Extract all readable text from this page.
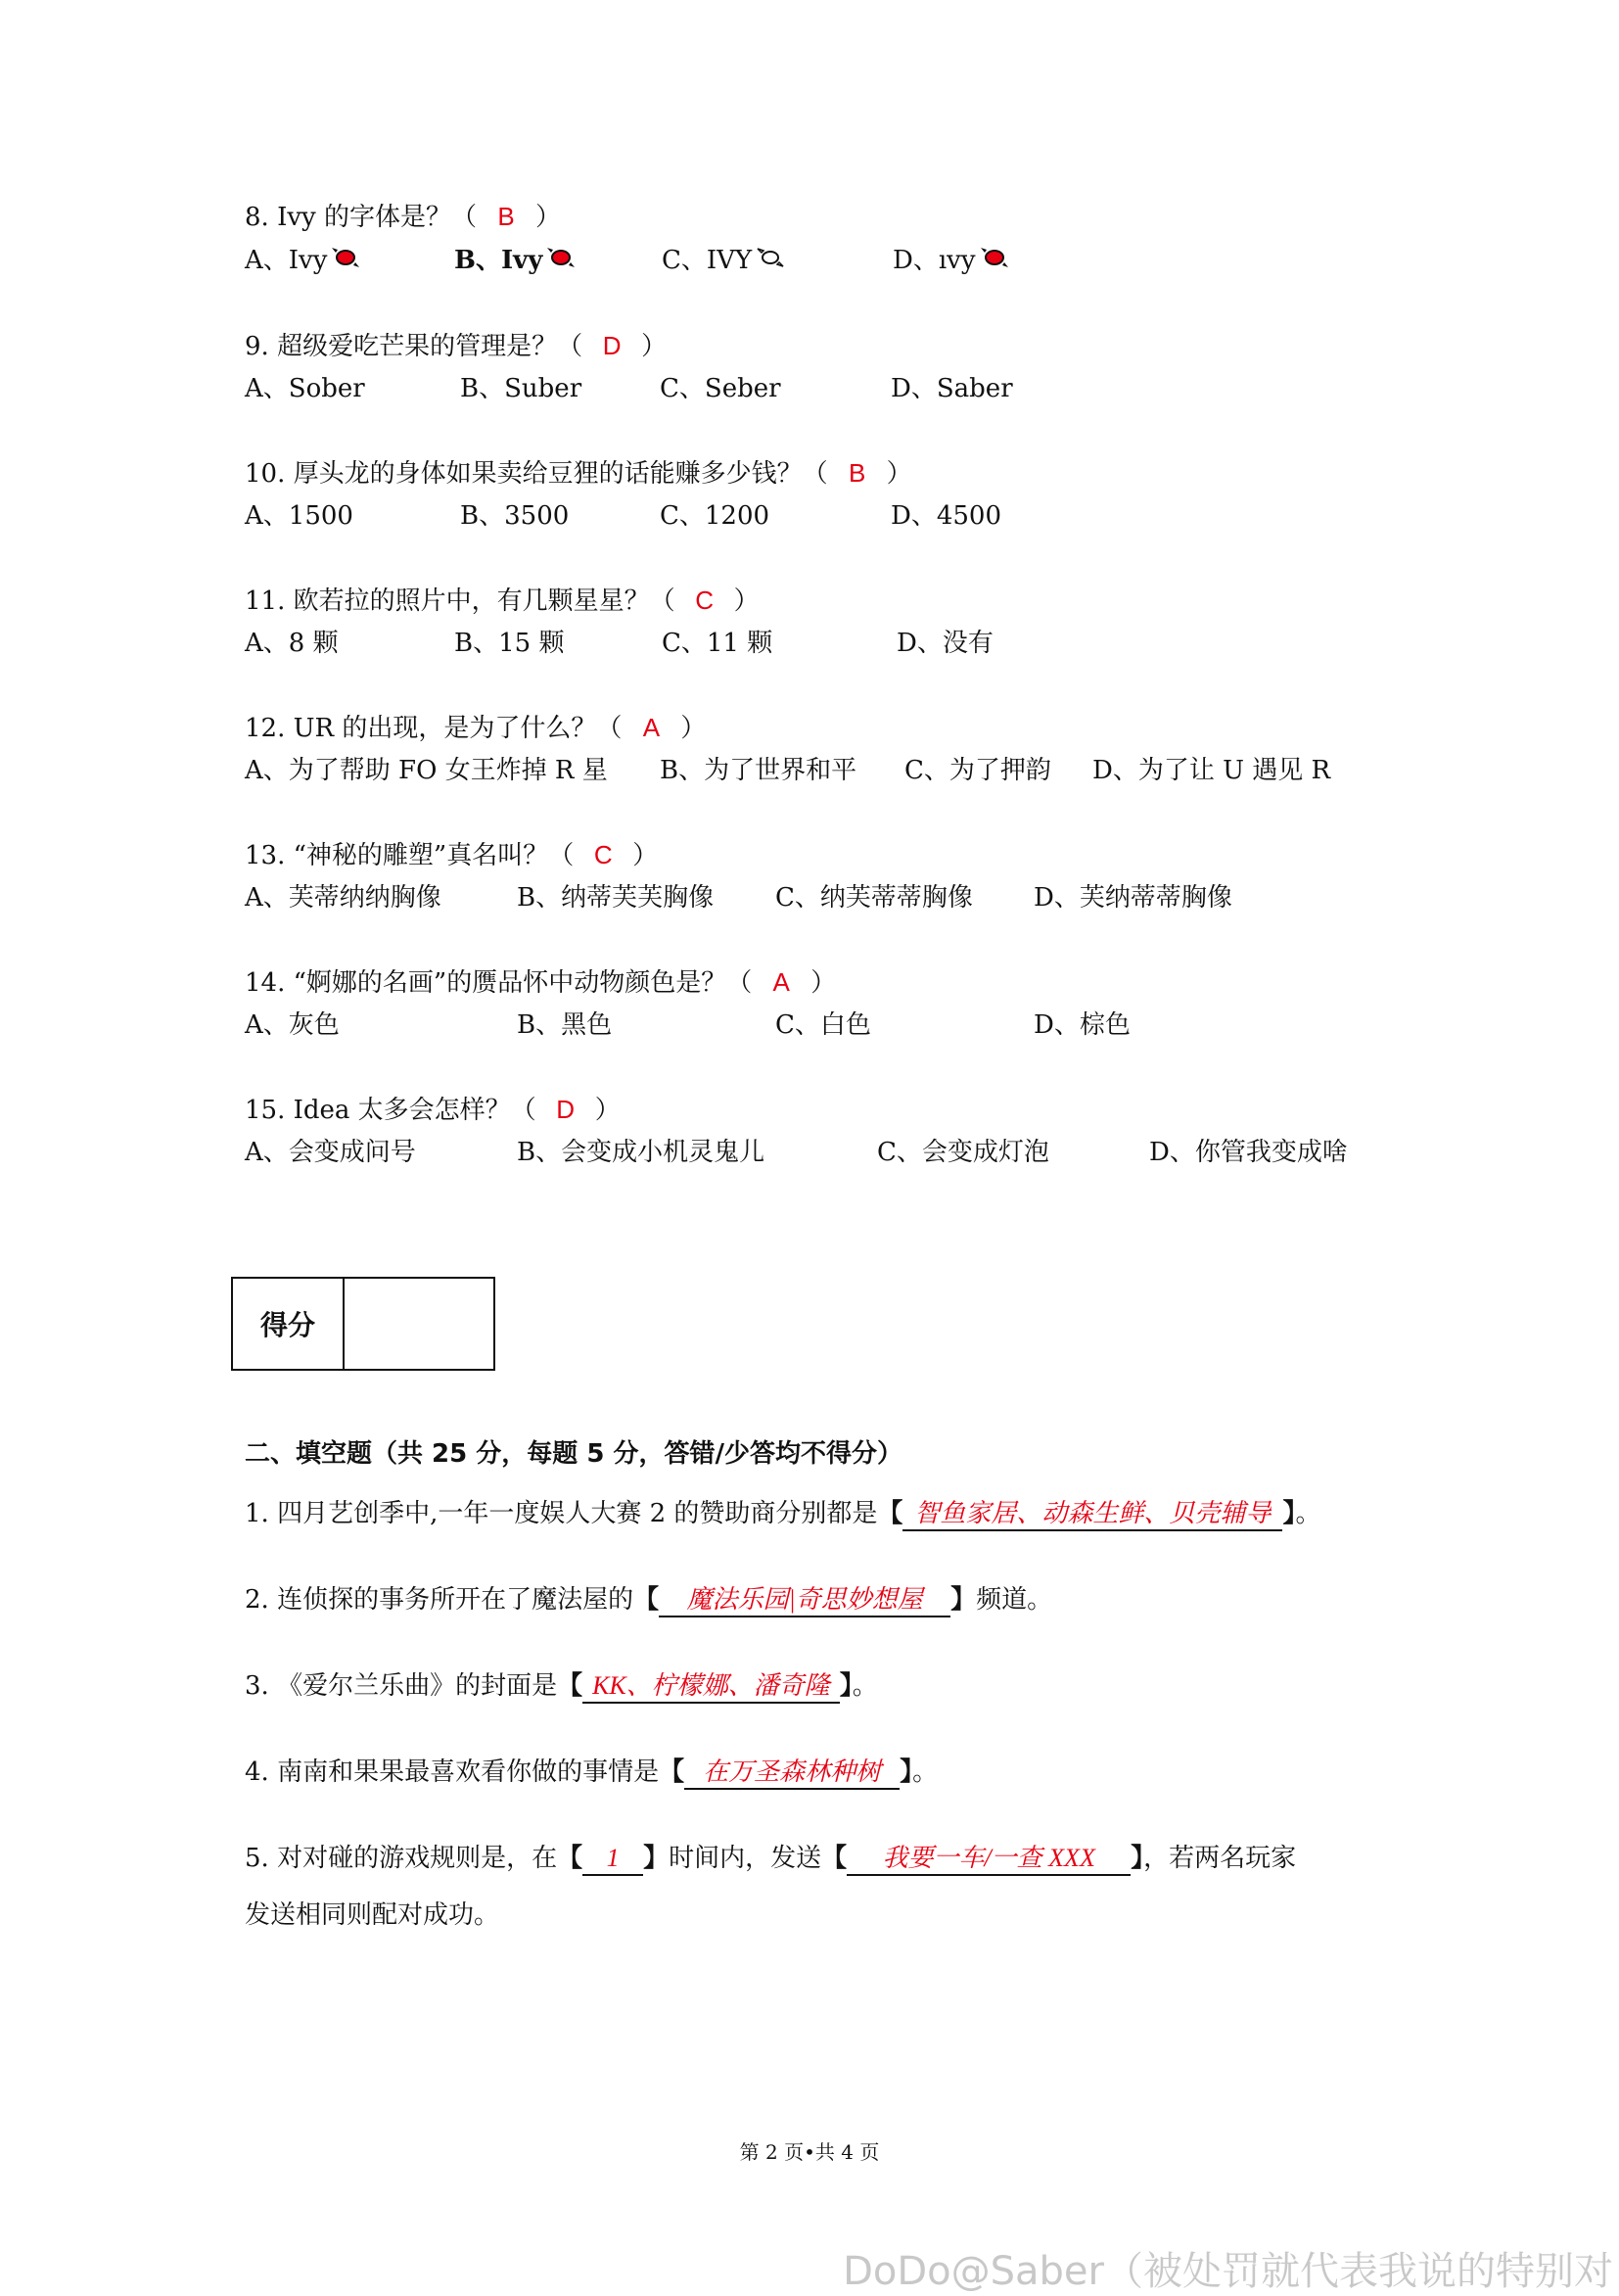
8. Ivy 的字体是？（ B ）
A、Ivy	B、Ivy	C、IVY	D、ıvy
9. 超级爱吃芒果的管理是？（ D ）
A、Sober	B、Suber	C、Seber	D、Saber
10. 厚头龙的身体如果卖给豆狸的话能赚多少钱？（ B ）
A、1500	B、3500	C、1200	D、4500
11. 欧若拉的照片中，有几颗星星？（ C ）
A、8 颗	B、15 颗	C、11 颗	D、没有
12. UR 的出现，是为了什么？（ A ）
A、为了帮助 FO 女王炸掉 R 星 B、为了世界和平 C、为了押韵 D、为了让 U 遇见 R
13. “神秘的雕塑”真名叫？（ C ）
A、芙蒂纳纳胸像	B、纳蒂芙芙胸像 C、纳芙蒂蒂胸像 D、芙纳蒂蒂胸像
14. “婀娜的名画”的赝品怀中动物颜色是？（ A ）
A、灰色	B、黑色	C、白色	D、棕色
15. Idea 太多会怎样？（ D ）
A、会变成问号	B、会变成小机灵鬼儿	C、会变成灯泡	D、你管我变成啥
得分
二、填空题（共 25 分，每题 5 分，答错/少答均不得分）
1. 四月艺创季中,一年一度娱人大赛 2 的赞助商分别都是【 智鱼家居、动森生鲜、贝壳辅导 】。
2. 连侦探的事务所开在了魔法屋的【 魔法乐园|奇思妙想屋 】频道。
3. 《爱尔兰乐曲》的封面是【 KK、柠檬娜、潘奇隆 】。
4. 南南和果果最喜欢看你做的事情是【 在万圣森林种树 】。
5. 对对碰的游戏规则是，在【 1 】时间内，发送【 我要一车/一查 XXX 】，若两名玩家
发送相同则配对成功。
第 2 页•共 4 页
DoDo@Saber（被处罚就代表我说的特别对
